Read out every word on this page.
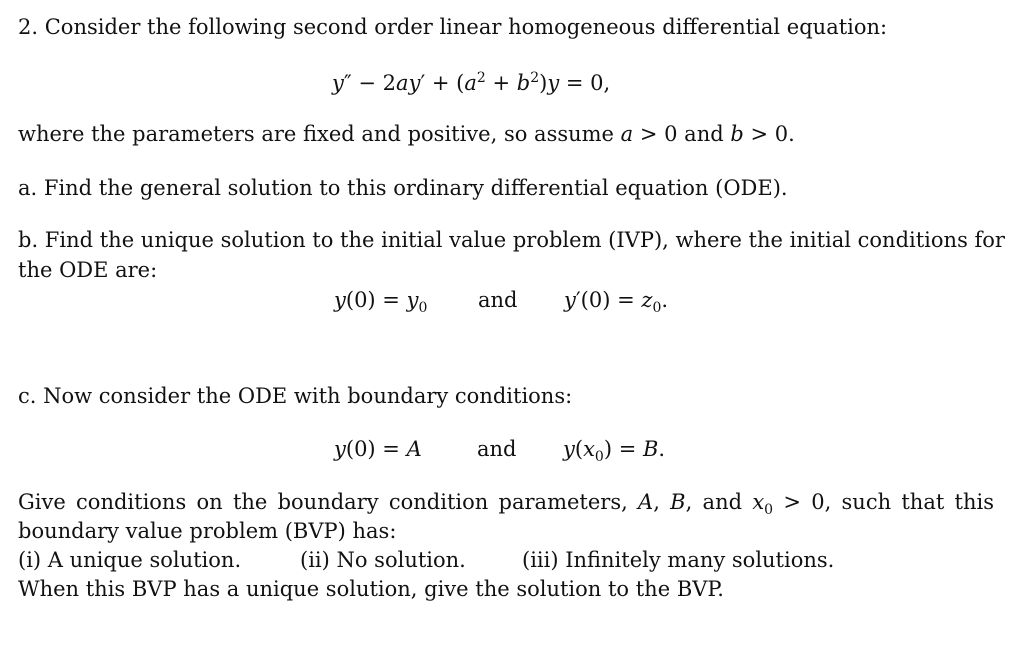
2. Consider the following second order linear homogeneous differential equation:
$y'' - 2ay' + (a^2 + b^2)y = 0$,
where the parameters are fixed and positive, so assume a > 0 and b > 0.
a. Find the general solution to this ordinary differential equation (ODE).
b. Find the unique solution to the initial value problem (IVP), where the initial conditions for
the ODE are:
$y(0) = y_0$ and $y'(0) = z_0$.
c. Now consider the ODE with boundary conditions:
y(0) = A	and $y(x_0) = B$.
Give conditions on the boundary condition parameters, A, B, and $x_0 > 0$, such that this
boundary value problem (BVP) has:
(i) A unique solution.	(ii) No solution.	(iii) Infinitely many solutions.
When this BVP has a unique solution, give the solution to the BVP.
